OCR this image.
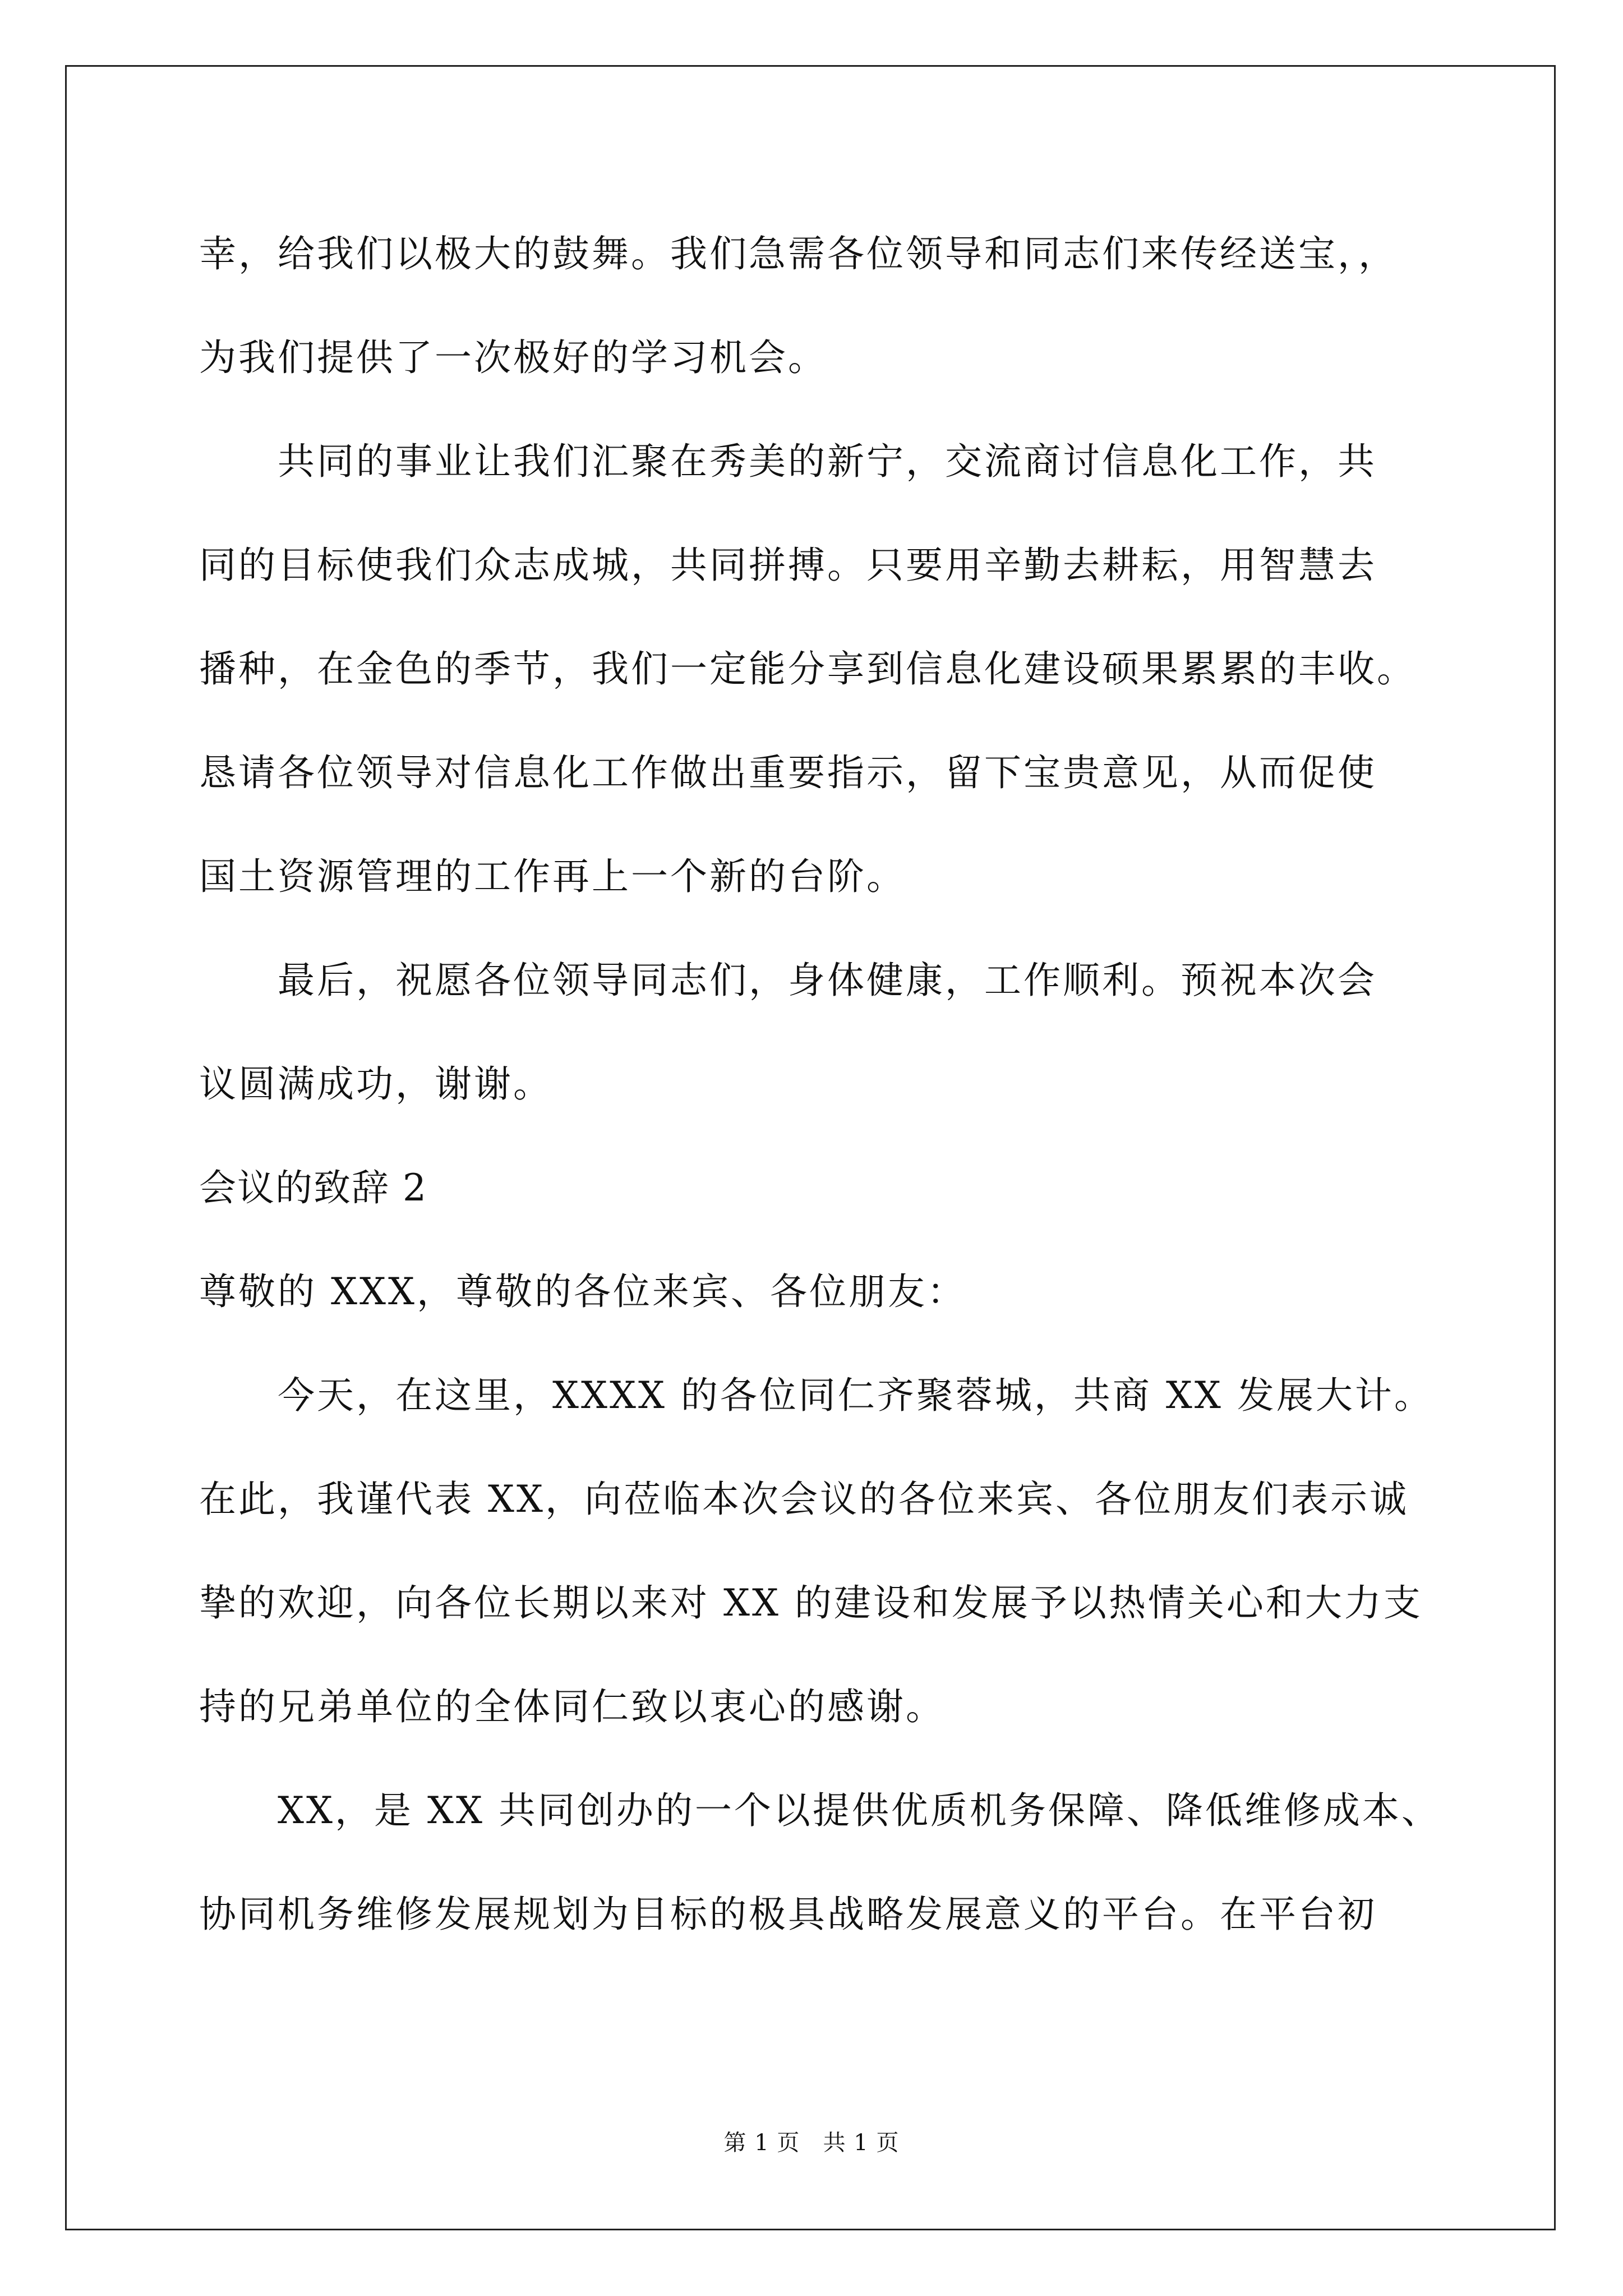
幸，给我们以极大的鼓舞。我们急需各位领导和同志们来传经送宝，，
为我们提供了一次极好的学习机会。
共同的事业让我们汇聚在秀美的新宁，交流商讨信息化工作，共
同的目标使我们众志成城，共同拼搏。只要用辛勤去耕耘，用智慧去
播种，在金色的季节，我们一定能分享到信息化建设硕果累累的丰收。
恳请各位领导对信息化工作做出重要指示，留下宝贵意见，从而促使
国土资源管理的工作再上一个新的台阶。
最后，祝愿各位领导同志们，身体健康，工作顺利。预祝本次会
议圆满成功，谢谢。
会议的致辞 2
尊敬的 XXX，尊敬的各位来宾、各位朋友：
今天，在这里，XXXX 的各位同仁齐聚蓉城，共商 XX 发展大计。
在此，我谨代表 XX，向莅临本次会议的各位来宾、各位朋友们表示诚
挚的欢迎，向各位长期以来对 XX 的建设和发展予以热情关心和大力支
持的兄弟单位的全体同仁致以衷心的感谢。
XX，是 XX 共同创办的一个以提供优质机务保障、降低维修成本、
协同机务维修发展规划为目标的极具战略发展意义的平台。在平台初
第 1 页 共 1 页
